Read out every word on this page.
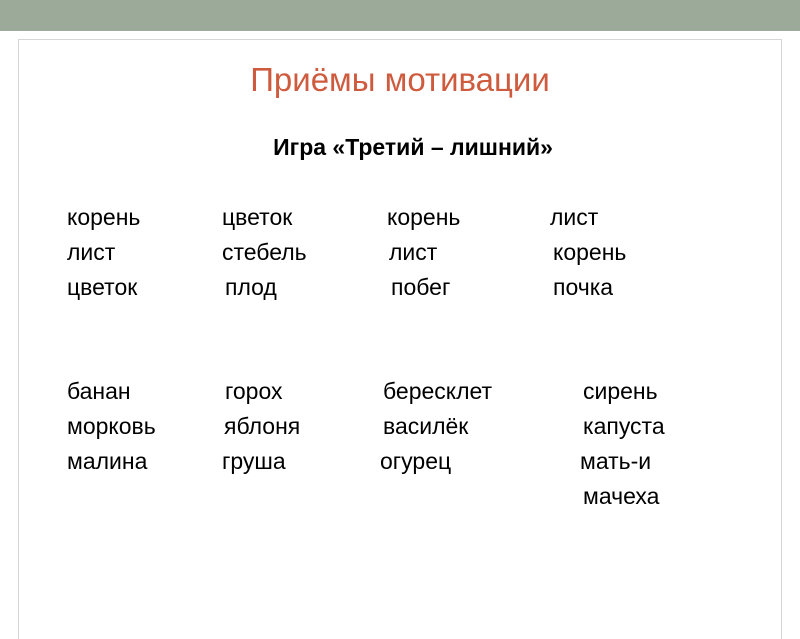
Приёмы мотивации
Игра «Третий – лишний»
корень	цветок	корень	лист
лист	стебель	лист	корень
цветок	плод	побег	почка
банан	горох	бересклет	сирень
морковь	яблоня	василёк	капуста
малина	груша	огурец	мать-и
мачеха
